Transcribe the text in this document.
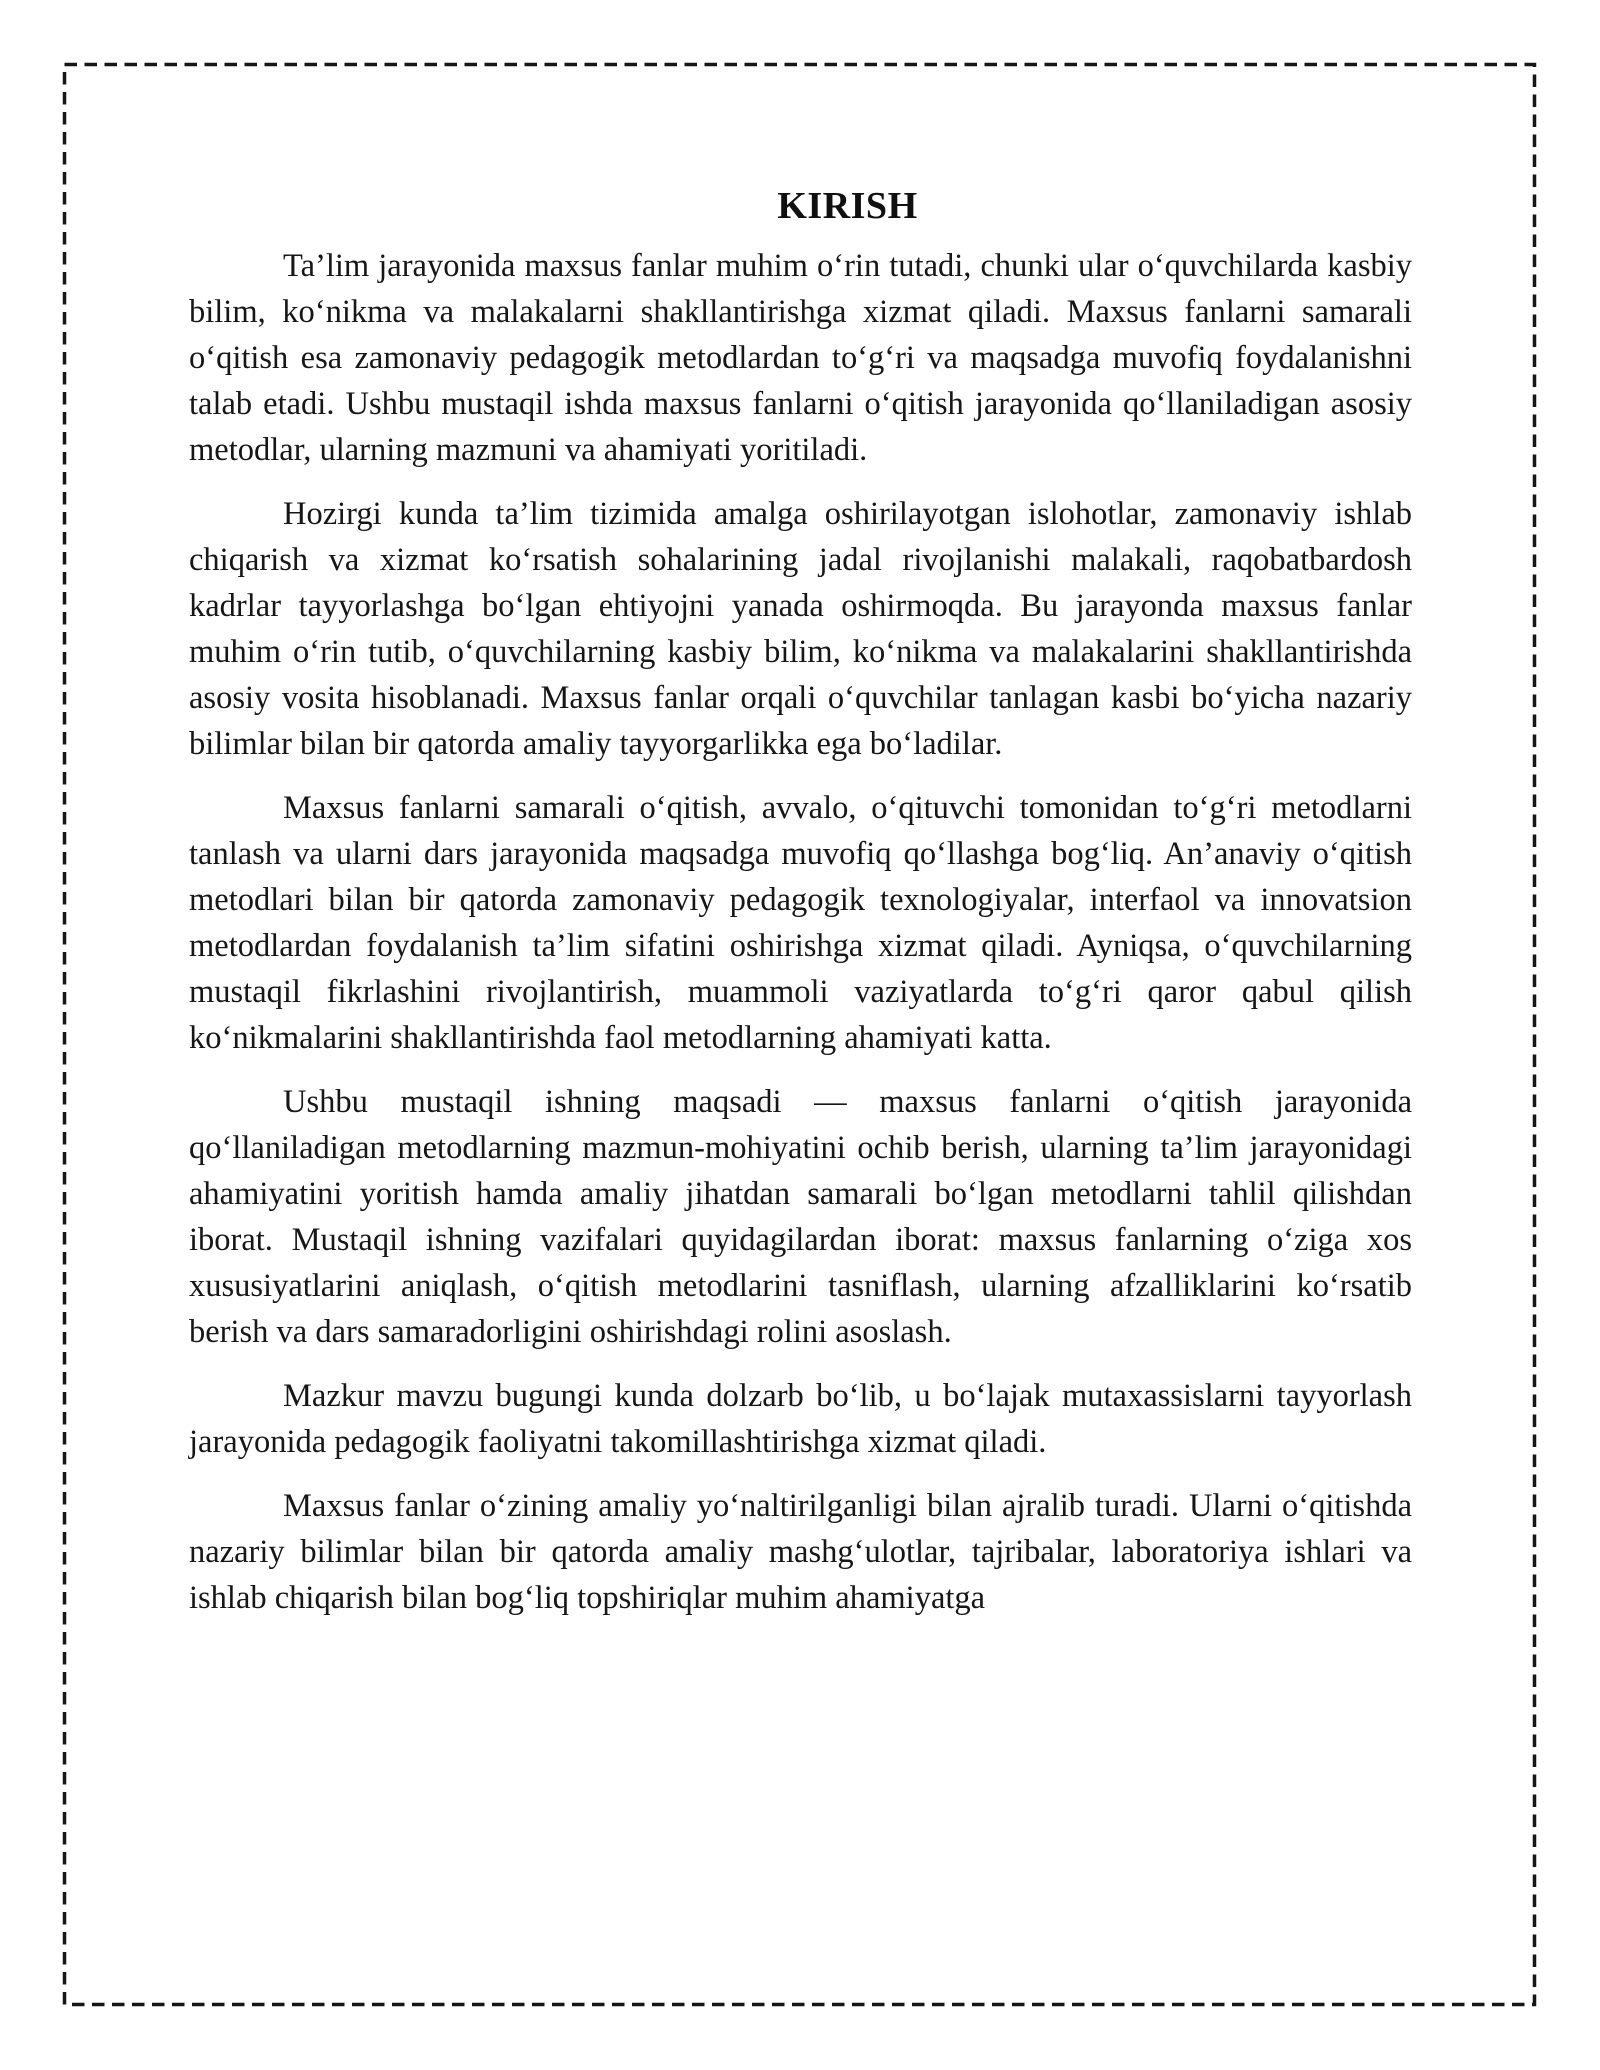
KIRISH

Ta’lim jarayonida maxsus fanlar muhim o‘rin tutadi, chunki ular o‘quvchilarda kasbiy bilim, ko‘nikma va malakalarni shakllantirishga xizmat qiladi. Maxsus fanlarni samarali o‘qitish esa zamonaviy pedagogik metodlardan to‘g‘ri va maqsadga muvofiq foydalanishni talab etadi. Ushbu mustaqil ishda maxsus fanlarni o‘qitish jarayonida qo‘llaniladigan asosiy metodlar, ularning mazmuni va ahamiyati yoritiladi.

Hozirgi kunda ta’lim tizimida amalga oshirilayotgan islohotlar, zamonaviy ishlab chiqarish va xizmat ko‘rsatish sohalarining jadal rivojlanishi malakali, raqobatbardosh kadrlar tayyorlashga bo‘lgan ehtiyojni yanada oshirmoqda. Bu jarayonda maxsus fanlar muhim o‘rin tutib, o‘quvchilarning kasbiy bilim, ko‘nikma va malakalarini shakllantirishda asosiy vosita hisoblanadi. Maxsus fanlar orqali o‘quvchilar tanlagan kasbi bo‘yicha nazariy bilimlar bilan bir qatorda amaliy tayyorgarlikka ega bo‘ladilar.

Maxsus fanlarni samarali o‘qitish, avvalo, o‘qituvchi tomonidan to‘g‘ri metodlarni tanlash va ularni dars jarayonida maqsadga muvofiq qo‘llashga bog‘liq. An’anaviy o‘qitish metodlari bilan bir qatorda zamonaviy pedagogik texnologiyalar, interfaol va innovatsion metodlardan foydalanish ta’lim sifatini oshirishga xizmat qiladi. Ayniqsa, o‘quvchilarning mustaqil fikrlashini rivojlantirish, muammoli vaziyatlarda to‘g‘ri qaror qabul qilish ko‘nikmalarini shakllantirishda faol metodlarning ahamiyati katta.

Ushbu mustaqil ishning maqsadi — maxsus fanlarni o‘qitish jarayonida qo‘llaniladigan metodlarning mazmun-mohiyatini ochib berish, ularning ta’lim jarayonidagi ahamiyatini yoritish hamda amaliy jihatdan samarali bo‘lgan metodlarni tahlil qilishdan iborat. Mustaqil ishning vazifalari quyidagilardan iborat: maxsus fanlarning o‘ziga xos xususiyatlarini aniqlash, o‘qitish metodlarini tasniflash, ularning afzalliklarini ko‘rsatib berish va dars samaradorligini oshirishdagi rolini asoslash.

Mazkur mavzu bugungi kunda dolzarb bo‘lib, u bo‘lajak mutaxassislarni tayyorlash jarayonida pedagogik faoliyatni takomillashtirishga xizmat qiladi.

Maxsus fanlar o‘zining amaliy yo‘naltirilganligi bilan ajralib turadi. Ularni o‘qitishda nazariy bilimlar bilan bir qatorda amaliy mashg‘ulotlar, tajribalar, laboratoriya ishlari va ishlab chiqarish bilan bog‘liq topshiriqlar muhim ahamiyatga
